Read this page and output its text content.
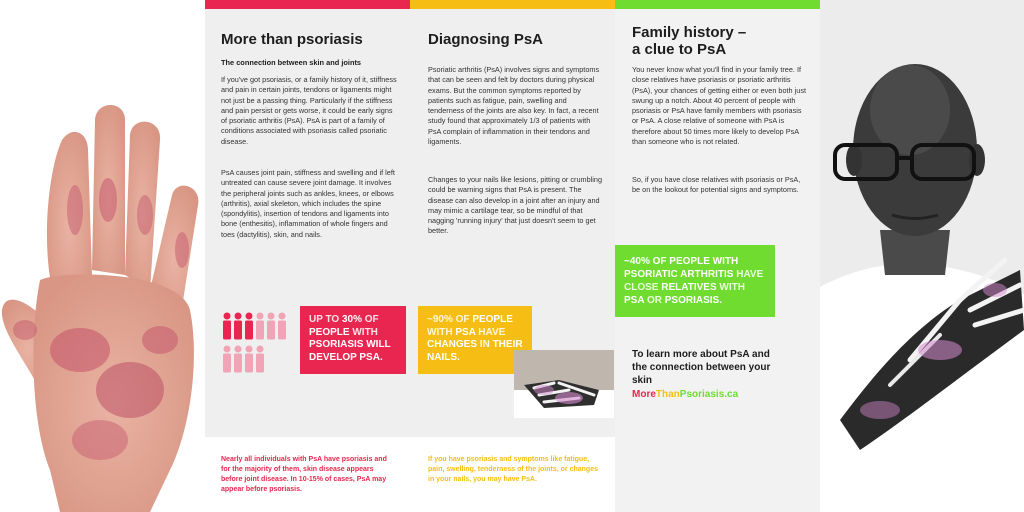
More than psoriasis
The connection between skin and joints

If you've got psoriasis, or a family history of it, stiffness and pain in certain joints, tendons or ligaments might not just be a passing thing. Particularly if the stiffness and pain persist or gets worse, it could be early signs of psoriatic arthritis (PsA). PsA is part of a family of conditions associated with psoriasis called psoriatic disease.

PsA causes joint pain, stiffness and swelling and if left untreated can cause severe joint damage. It involves the peripheral joints such as ankles, knees, or elbows (arthritis), axial skeleton, which includes the spine (spondylitis), insertion of tendons and ligaments into bone (enthesitis), inflammation of whole fingers and toes (dactylitis), skin, and nails.

Nearly all individuals with PsA have psoriasis and for the majority of them, skin disease appears before joint disease. In 10-15% of cases, PsA may appear before psoriasis.
Diagnosing PsA

Psoriatic arthritis (PsA) involves signs and symptoms that can be seen and felt by doctors during physical exams. But the common symptoms reported by patients such as fatigue, pain, swelling and tenderness of the joints are also key. In fact, a recent study found that approximately 1/3 of patients with PsA complain of inflammation in their tendons and ligaments.

Changes to your nails like lesions, pitting or crumbling could be warning signs that PsA is present. The disease can also develop in a joint after an injury and may mimic a cartilage tear, so be mindful of that nagging 'running injury' that just doesn't seem to get better.

If you have psoriasis and symptoms like fatigue, pain, swelling, tenderness of the joints, or changes in your nails, you may have PsA.
Family history –
a clue to PsA

You never know what you'll find in your family tree. If close relatives have psoriasis or psoriatic arthritis (PsA), your chances of getting either or even both just swung up a notch. About 40 percent of people with psoriasis or PsA have family members with psoriasis or PsA. A close relative of someone with PsA is therefore about 50 times more likely to develop PsA than someone who is not related.

So, if you have close relatives with psoriasis or PsA, be on the lookout for potential signs and symptoms.

UP TO 30% OF PEOPLE WITH PSORIASIS WILL DEVELOP PSA.
~90% OF PEOPLE WITH PSA HAVE CHANGES IN THEIR NAILS.
~40% OF PEOPLE WITH PSORIATIC ARTHRITIS HAVE CLOSE RELATIVES WITH PSA OR PSORIASIS.
To learn more about PsA and the connection between your skin
MoreThanPsoriasis.ca
